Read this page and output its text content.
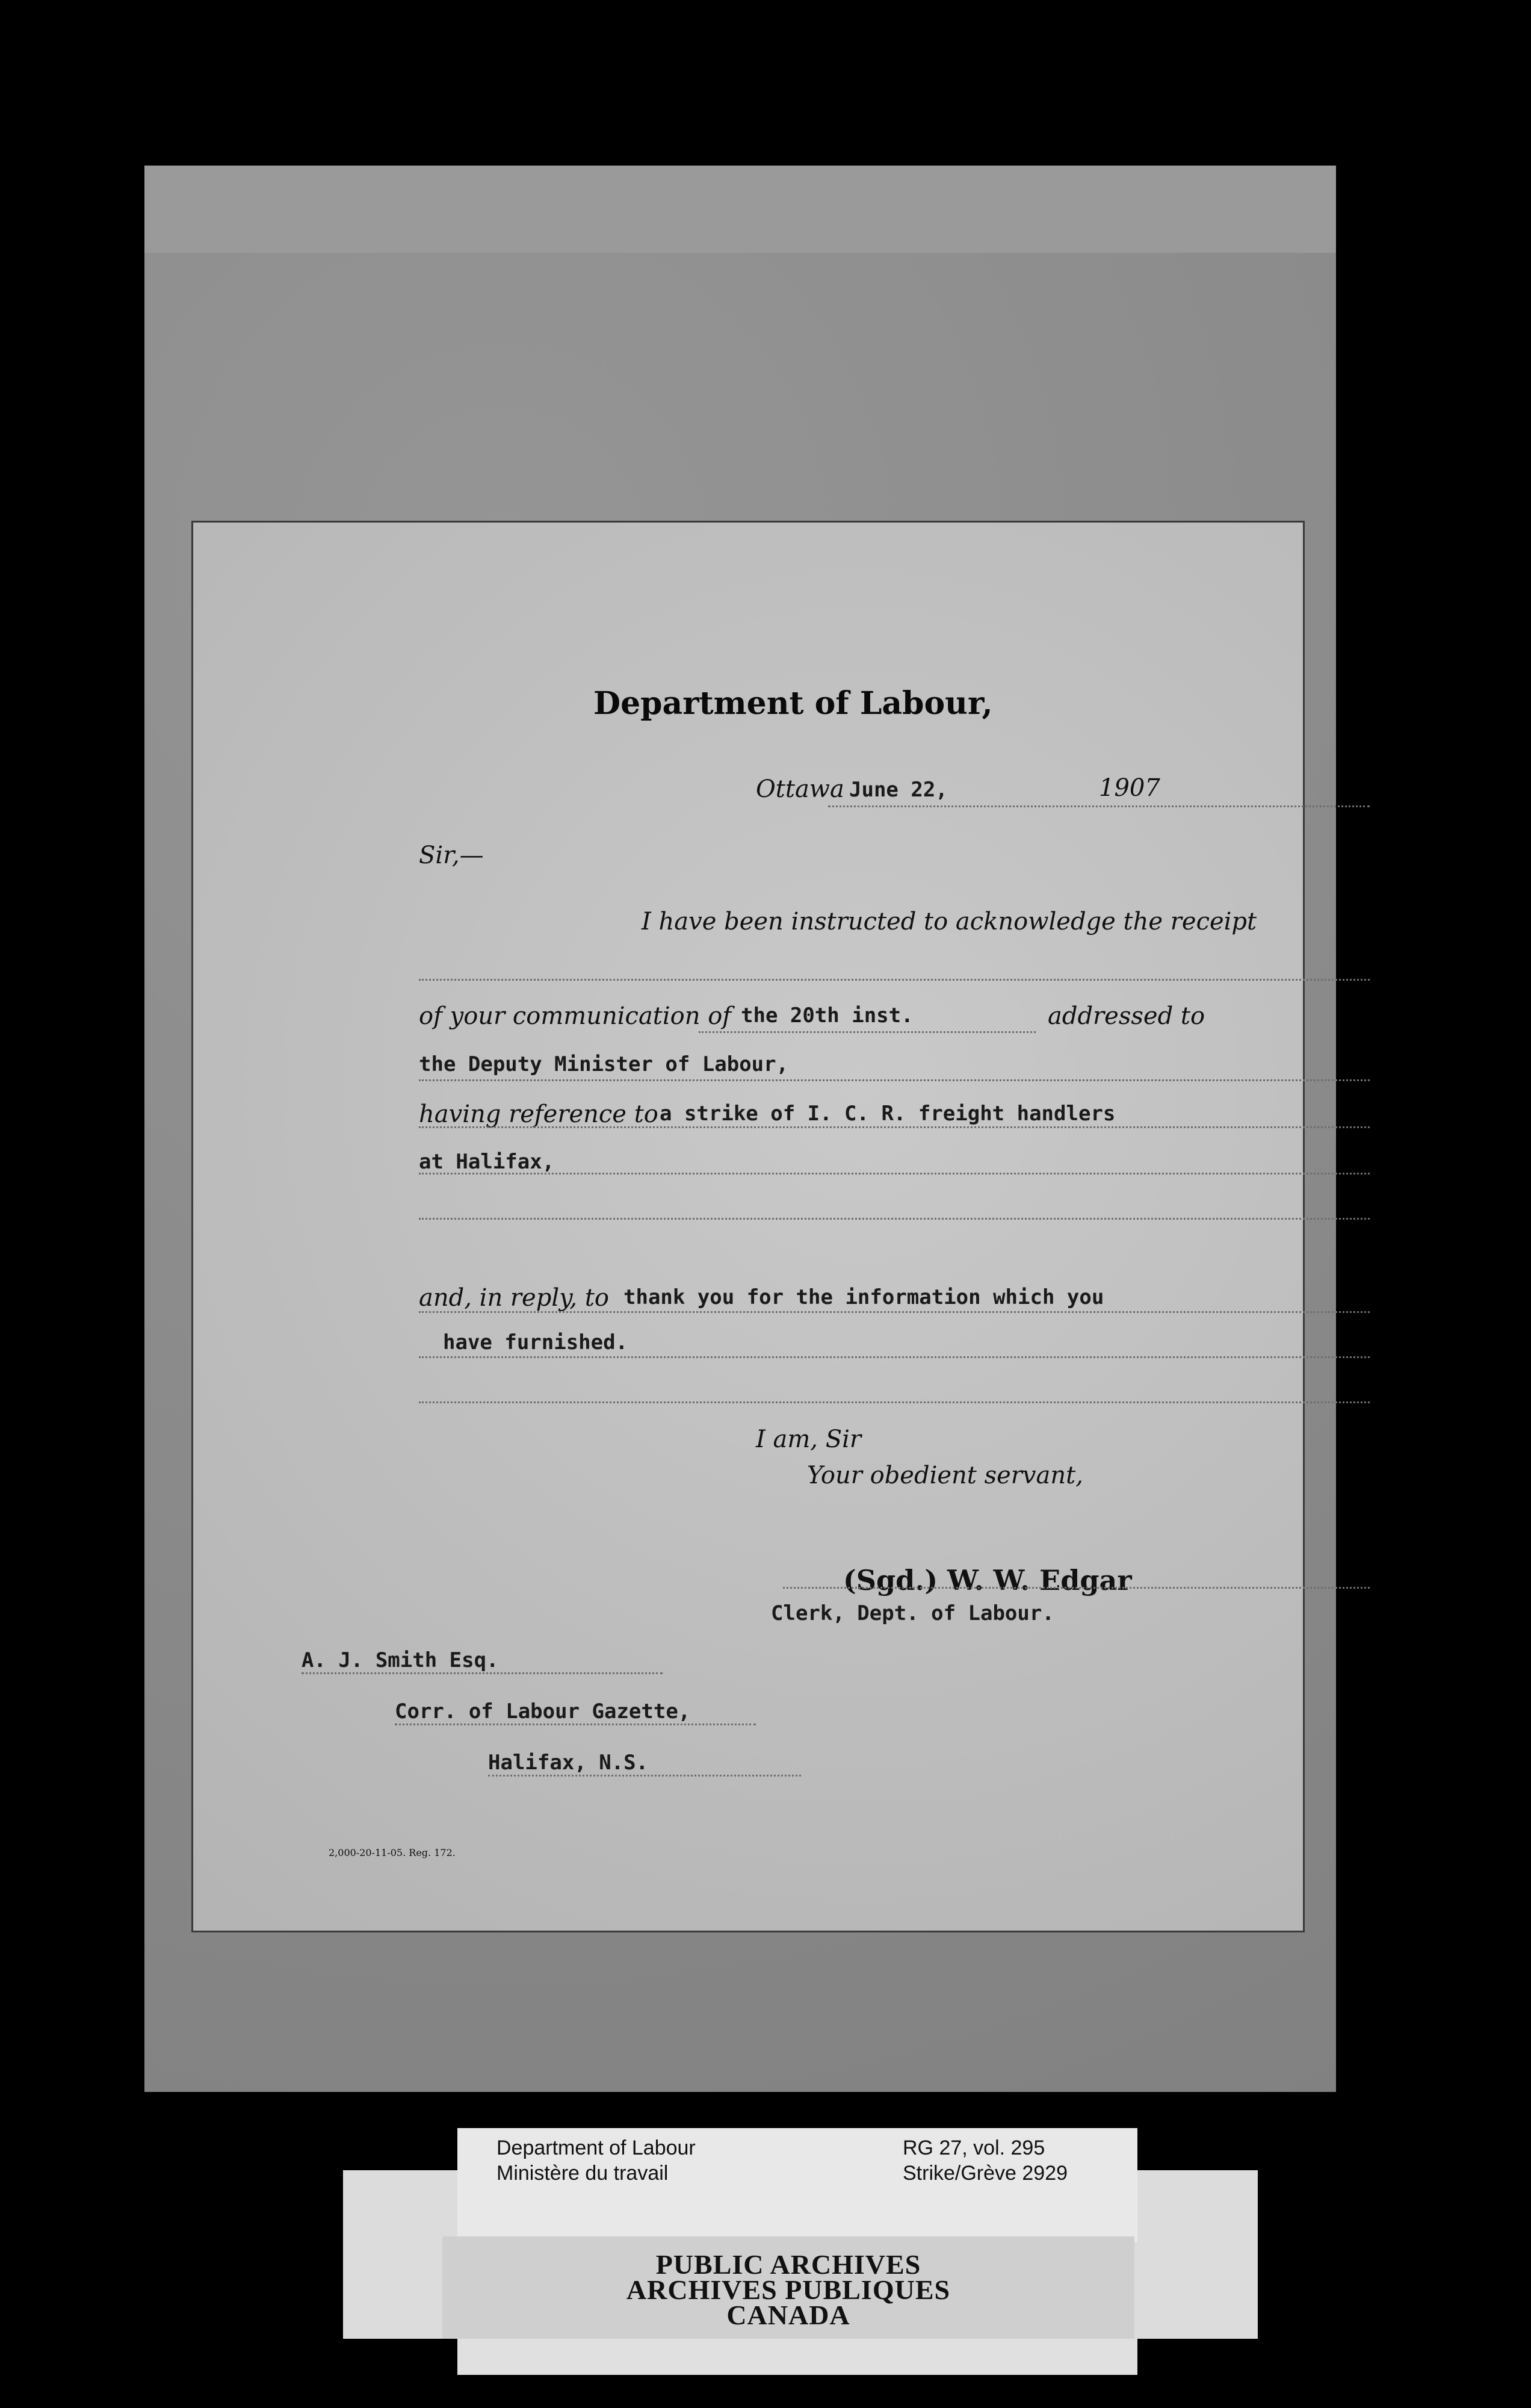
Department of Labour,
Ottawa June 22,	1907
Sir,—
I have been instructed to acknowledge the receipt
of your communication of the 20th inst.	addressed to
the Deputy Minister of Labour,
having reference to a strike of I. C. R. freight handlers
at Halifax,
and, in reply, to thank you for the information which you
have furnished.
I am, Sir
Your obedient servant,
(Sgd.) W. W. Edgar
Clerk, Dept. of Labour.
A. J. Smith Esq.
Corr. of Labour Gazette,
Halifax, N.S.
2,000-20-11-05. Reg. 172.
Department of Labour
Ministère du travail
RG 27, vol. 295
Strike/Grève 2929
PUBLIC ARCHIVES
ARCHIVES PUBLIQUES
CANADA
